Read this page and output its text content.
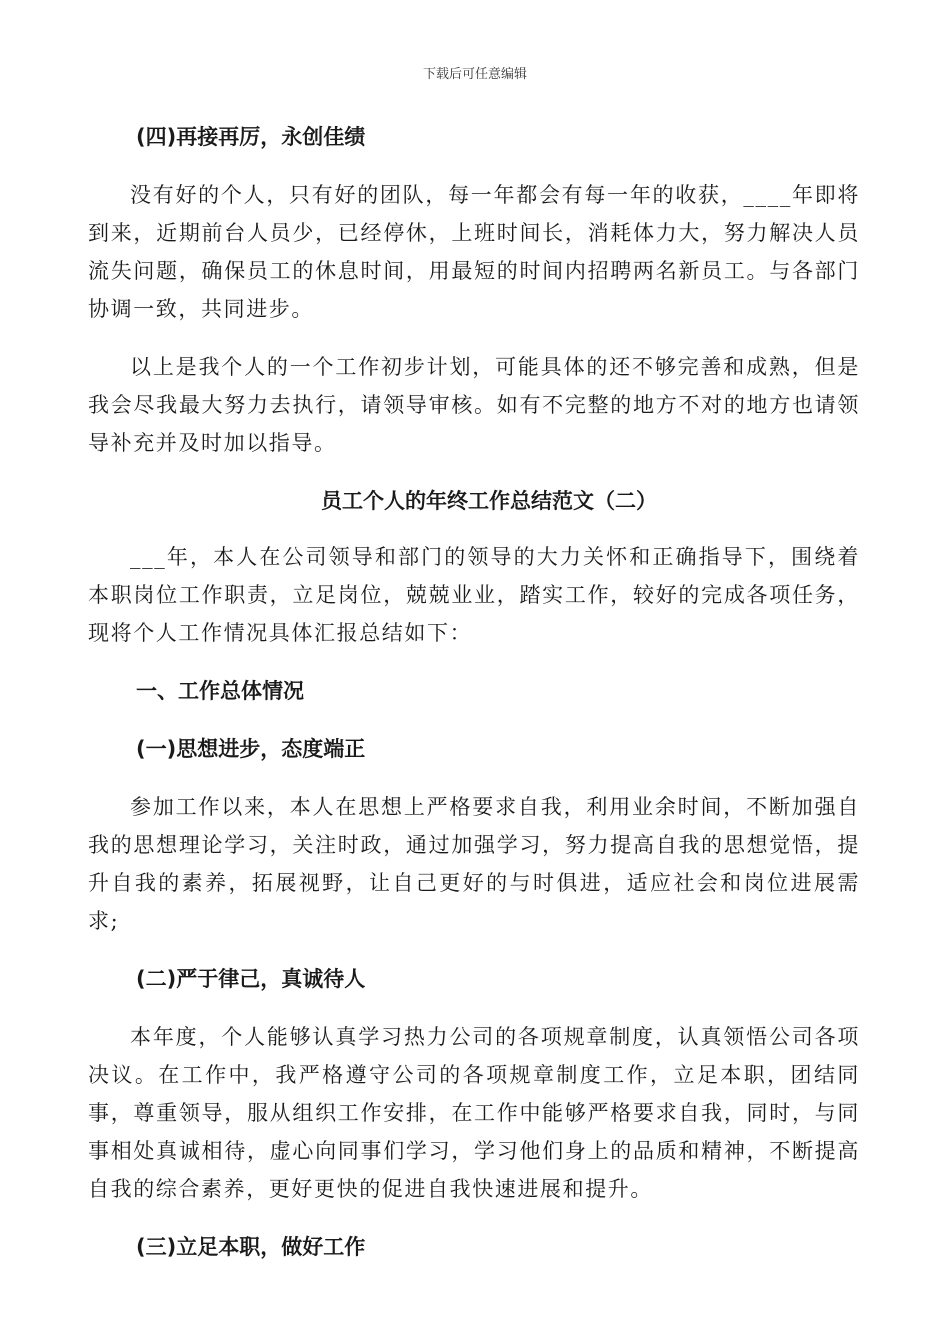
下载后可任意编辑
(四)再接再厉，永创佳绩
没有好的个人，只有好的团队，每一年都会有每一年的收获，____年即将到来，近期前台人员少，已经停休，上班时间长，消耗体力大，努力解决人员流失问题，确保员工的休息时间，用最短的时间内招聘两名新员工。与各部门协调一致，共同进步。
以上是我个人的一个工作初步计划，可能具体的还不够完善和成熟，但是我会尽我最大努力去执行，请领导审核。如有不完整的地方不对的地方也请领导补充并及时加以指导。
员工个人的年终工作总结范文（二）
___年，本人在公司领导和部门的领导的大力关怀和正确指导下，围绕着本职岗位工作职责，立足岗位，兢兢业业，踏实工作，较好的完成各项任务，现将个人工作情况具体汇报总结如下：
一、工作总体情况
(一)思想进步，态度端正
参加工作以来，本人在思想上严格要求自我，利用业余时间，不断加强自我的思想理论学习，关注时政，通过加强学习，努力提高自我的思想觉悟，提升自我的素养，拓展视野，让自己更好的与时俱进，适应社会和岗位进展需求;
(二)严于律己，真诚待人
本年度，个人能够认真学习热力公司的各项规章制度，认真领悟公司各项决议。在工作中，我严格遵守公司的各项规章制度工作，立足本职，团结同事，尊重领导，服从组织工作安排，在工作中能够严格要求自我，同时，与同事相处真诚相待，虚心向同事们学习，学习他们身上的品质和精神，不断提高自我的综合素养，更好更快的促进自我快速进展和提升。
(三)立足本职，做好工作
